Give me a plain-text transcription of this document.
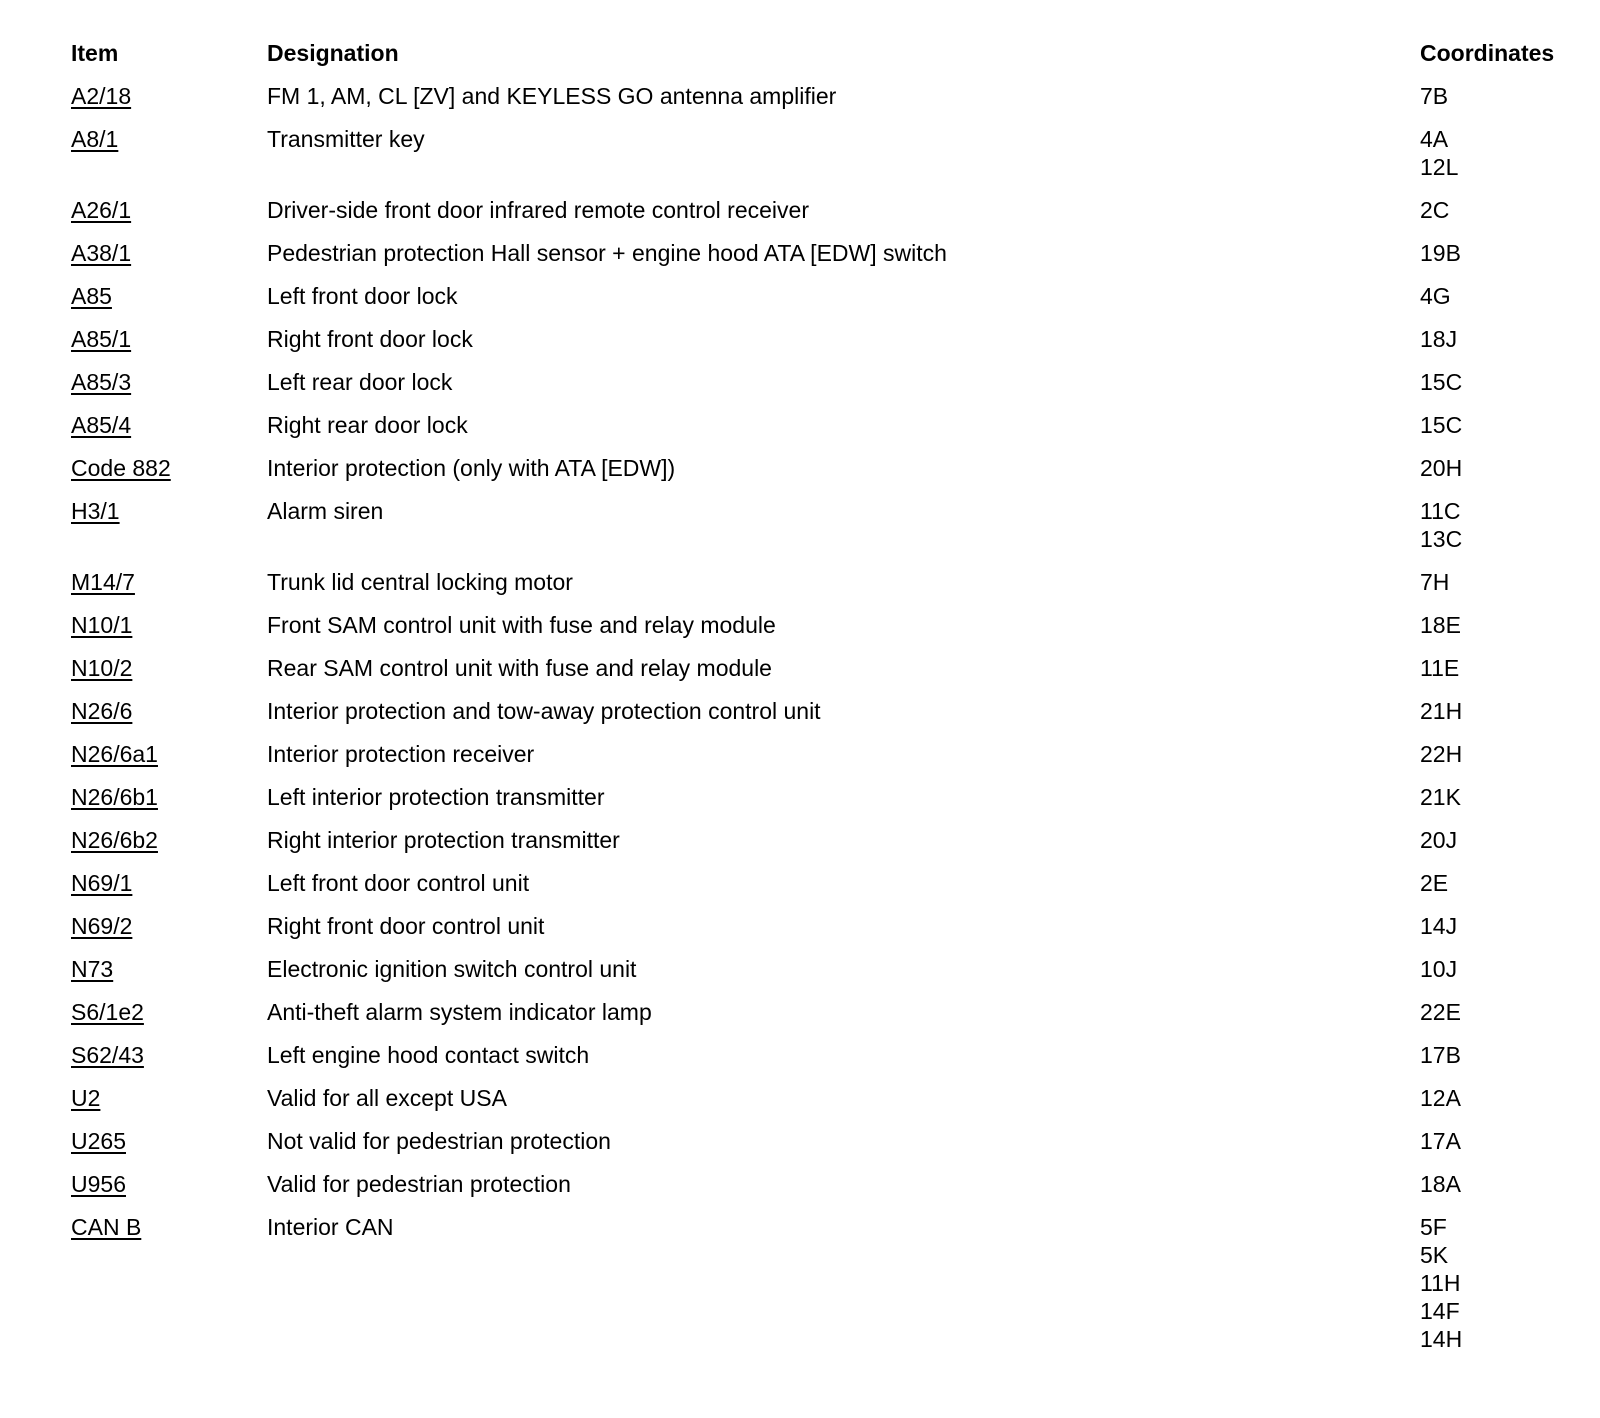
Item	Designation	Coordinates
A2/18	FM 1, AM, CL [ZV] and KEYLESS GO antenna amplifier	7B
A8/1	Transmitter key	4A
12L
A26/1	Driver-side front door infrared remote control receiver	2C
A38/1	Pedestrian protection Hall sensor + engine hood ATA [EDW] switch	19B
A85	Left front door lock	4G
A85/1	Right front door lock	18J
A85/3	Left rear door lock	15C
A85/4	Right rear door lock	15C
Code 882	Interior protection (only with ATA [EDW])	20H
H3/1	Alarm siren	11C
13C
M14/7	Trunk lid central locking motor	7H
N10/1	Front SAM control unit with fuse and relay module	18E
N10/2	Rear SAM control unit with fuse and relay module	11E
N26/6	Interior protection and tow-away protection control unit	21H
N26/6a1	Interior protection receiver	22H
N26/6b1	Left interior protection transmitter	21K
N26/6b2	Right interior protection transmitter	20J
N69/1	Left front door control unit	2E
N69/2	Right front door control unit	14J
N73	Electronic ignition switch control unit	10J
S6/1e2	Anti-theft alarm system indicator lamp	22E
S62/43	Left engine hood contact switch	17B
U2	Valid for all except USA	12A
U265	Not valid for pedestrian protection	17A
U956	Valid for pedestrian protection	18A
CAN B	Interior CAN	5F
5K
11H
14F
14H
